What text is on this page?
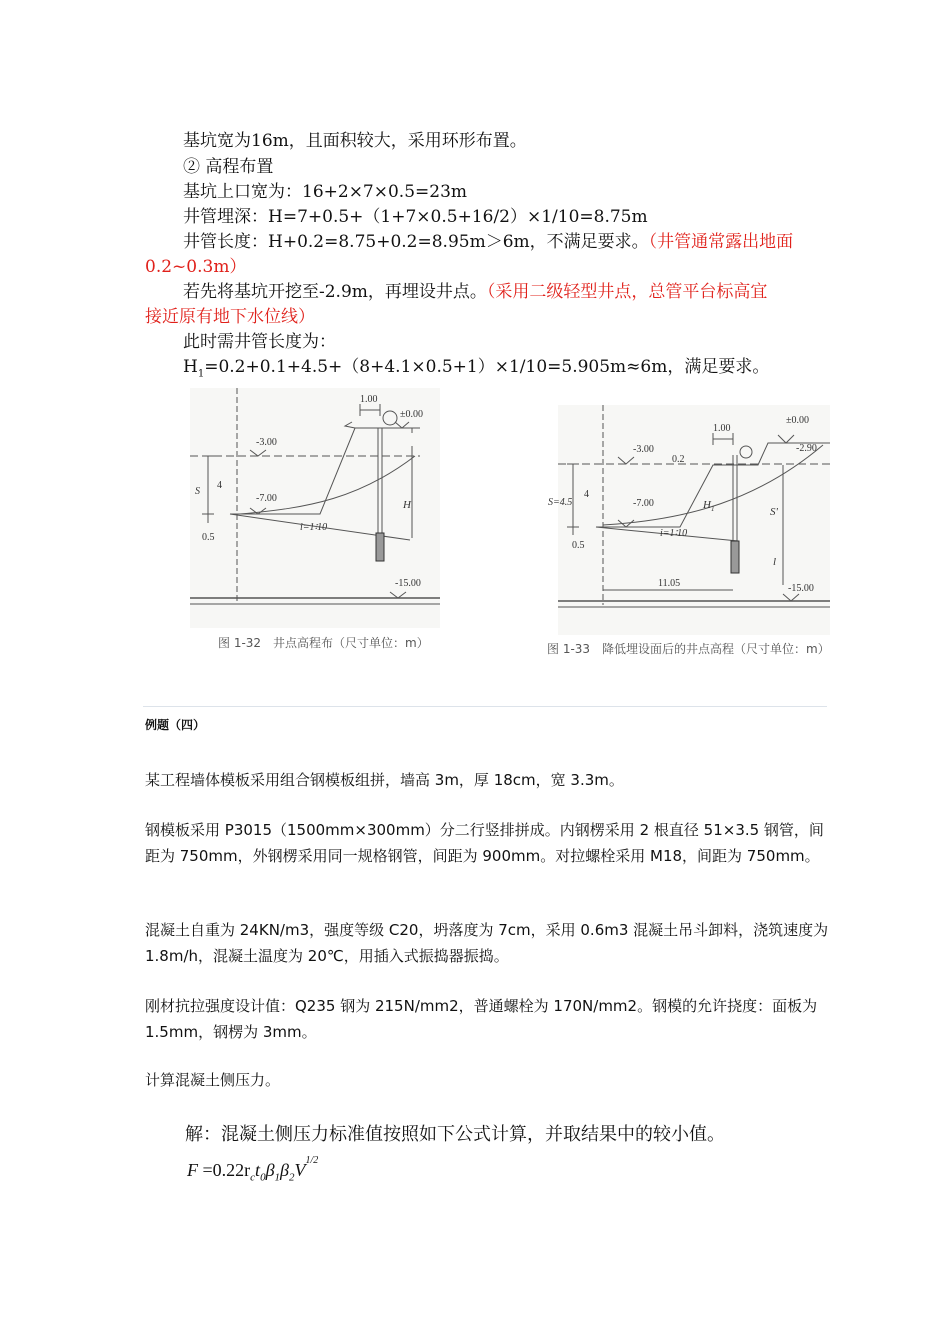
基坑宽为16m，且面积较大，采用环形布置。
② 高程布置
基坑上口宽为：16+2×7×0.5=23m
井管埋深：H=7+0.5+（1+7×0.5+16/2）×1/10=8.75m
井管长度：H+0.2=8.75+0.2=8.95m＞6m，不满足要求。（井管通常露出地面
0.2~0.3m）
若先将基坑开挖至-2.9m，再埋设井点。（采用二级轻型井点，总管平台标高宜
接近原有地下水位线）
此时需井管长度为：
$H_1=0.2+0.1+4.5+(8+4.1\times 0.5+1)\times 1/10=5.905m\approx 6m$，满足要求。
-3.00
-7.00
1.00
±0.00
S
4
0.5
i=1∶10
H
-15.00
图 1-32　井点高程布（尺寸单位：m）
-3.00
-7.00
1.00
±0.00
-2.90
0.2
S=4.5
4
0.5
i=1∶10
$H_1$	S'
l
11.05	-15.00
图 1-33　降低埋设面后的井点高程（尺寸单位：m）
例题（四）
某工程墙体模板采用组合钢模板组拼，墙高 3m，厚 18cm，宽 3.3m。
钢模板采用 P3015（1500mm×300mm）分二行竖排拼成。内钢楞采用 2 根直径 51×3.5 钢管，间距为 750mm，外钢楞采用同一规格钢管，间距为 900mm。对拉螺栓采用 M18，间距为 750mm。
混凝土自重为 24KN/m3，强度等级 C20，坍落度为 7cm，采用 0.6m3 混凝土吊斗卸料，浇筑速度为 1.8m/h，混凝土温度为 20℃，用插入式振捣器振捣。
刚材抗拉强度设计值：Q235 钢为 215N/mm2，普通螺栓为 170N/mm2。钢模的允许挠度：面板为 1.5mm，钢楞为 3mm。
计算混凝土侧压力。
解：混凝土侧压力标准值按照如下公式计算，并取结果中的较小值。
$F =0.22r_ct_0\beta_1\beta_2V^{1/2}$
